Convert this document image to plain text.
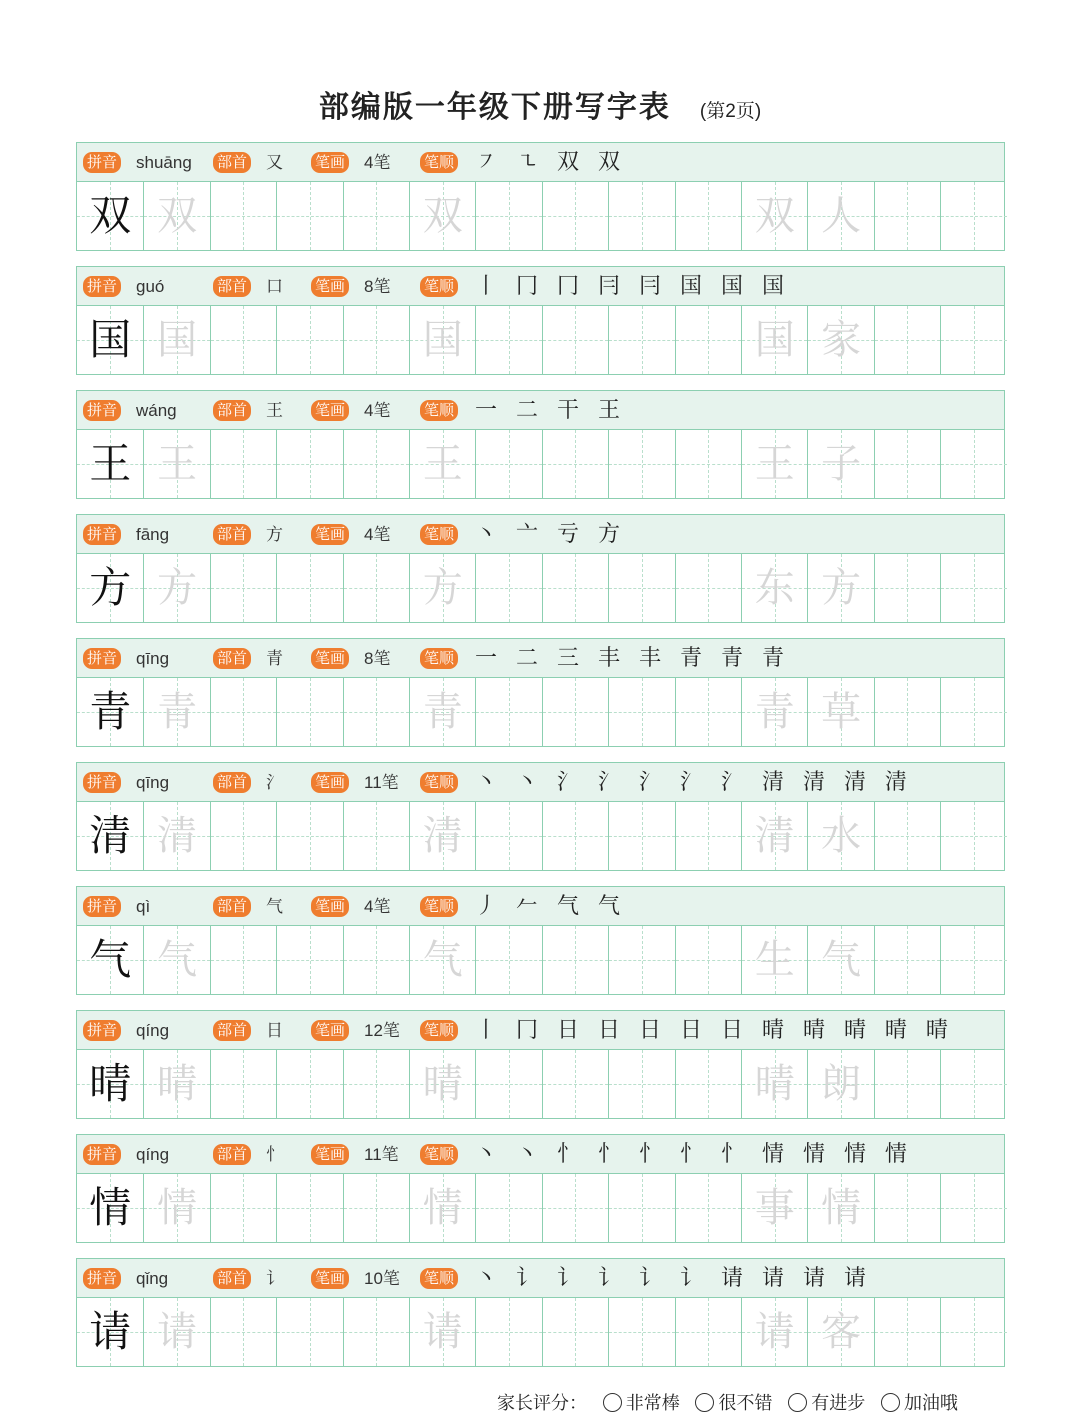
部编版一年级下册写字表 (第2页)
拼音 shuāng 部首 又 笔画 4笔 笔顺 ㇇ ㇍ 双 双
双 双	双	双 人
拼音 guó	部首 口 笔画 8笔 笔顺 丨 冂 冂 冃 冃 国 国 国
国 国	国	国 家
拼音 wáng	部首 王 笔画 4笔 笔顺 一 二 干 王
王 王	王	王 子
拼音 fāng	部首 方 笔画 4笔 笔顺 丶 亠 亏 方
方 方	方	东 方
拼音 qīng	部首 青 笔画 8笔 笔顺 一 二 三 丰 丰 青 青 青
青 青	青	青 草
拼音 qīng	部首 氵 笔画 11笔 笔顺 丶 丶 氵 氵 氵 氵 氵 清 清 清 清
清 清	清	清 水
拼音 qì	部首 气 笔画 4笔 笔顺 丿 𠂉 气 气
气 气	气	生 气
拼音 qíng	部首 日 笔画 12笔 笔顺 丨 冂 日 日 日 日 日 晴 晴 晴 晴 晴
晴 晴	晴	晴 朗
拼音 qíng	部首 忄 笔画 11笔 笔顺 丶 丶 忄 忄 忄 忄 忄 情 情 情 情
情 情	情	事 情
拼音 qǐng	部首 讠 笔画 10笔 笔顺 丶 讠 讠 讠 讠 讠 请 请 请 请
请 请	请	请 客
家长评分： 非常棒 很不错 有进步 加油哦
